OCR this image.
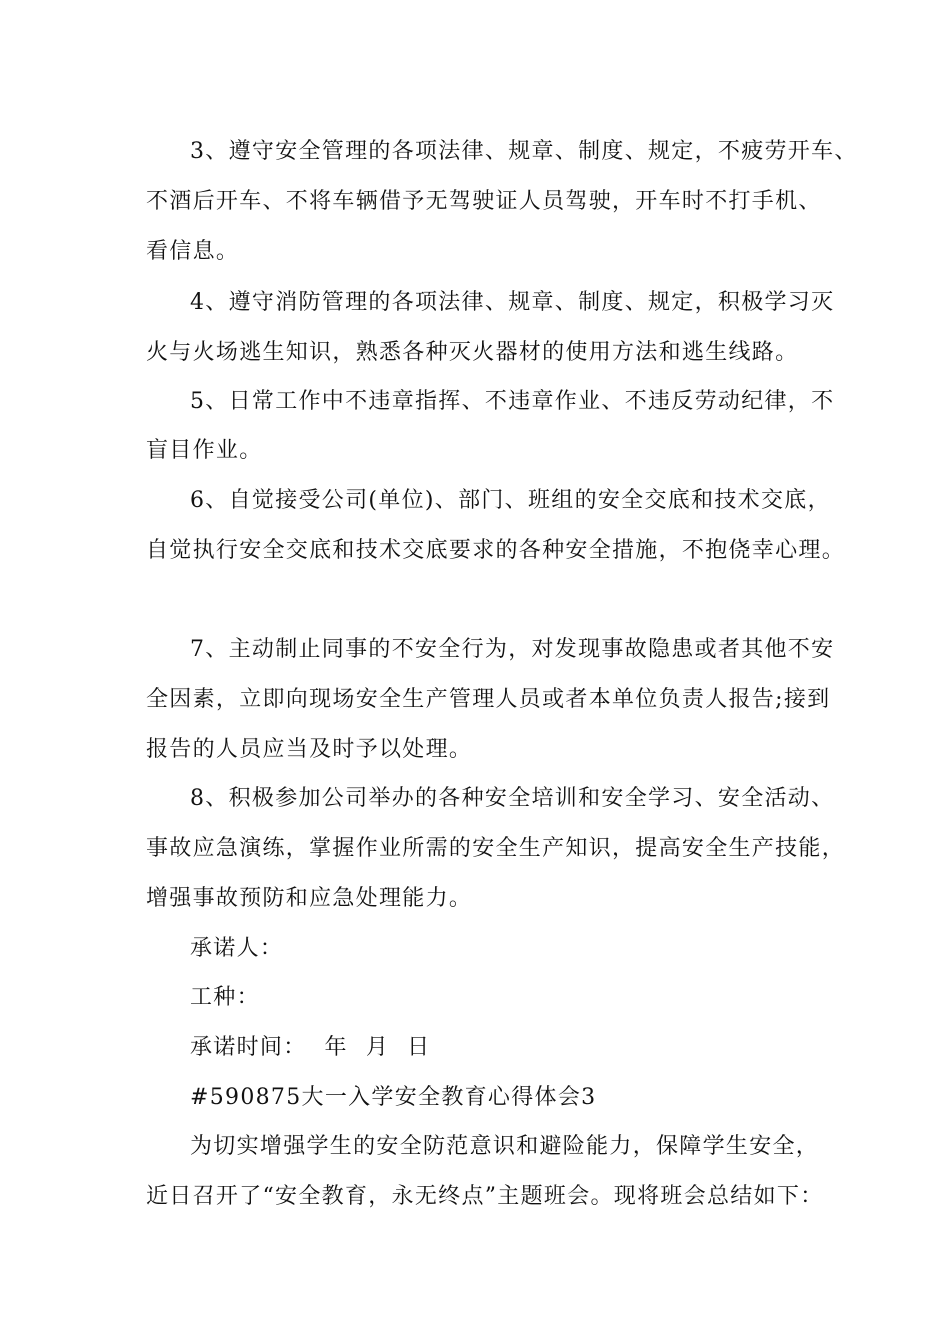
3、遵守安全管理的各项法律、规章、制度、规定，不疲劳开车、
不酒后开车、不将车辆借予无驾驶证人员驾驶，开车时不打手机、
看信息。
4、遵守消防管理的各项法律、规章、制度、规定，积极学习灭
火与火场逃生知识，熟悉各种灭火器材的使用方法和逃生线路。
5、日常工作中不违章指挥、不违章作业、不违反劳动纪律，不
盲目作业。
6、自觉接受公司(单位)、部门、班组的安全交底和技术交底，
自觉执行安全交底和技术交底要求的各种安全措施，不抱侥幸心理。
7、主动制止同事的不安全行为，对发现事故隐患或者其他不安
全因素，立即向现场安全生产管理人员或者本单位负责人报告;接到
报告的人员应当及时予以处理。
8、积极参加公司举办的各种安全培训和安全学习、安全活动、
事故应急演练，掌握作业所需的安全生产知识，提高安全生产技能，
增强事故预防和应急处理能力。
承诺人：
工种：
承诺时间： 年 月 日
#590875大一入学安全教育心得体会3
为切实增强学生的安全防范意识和避险能力，保障学生安全，
近日召开了“安全教育，永无终点”主题班会。现将班会总结如下：
